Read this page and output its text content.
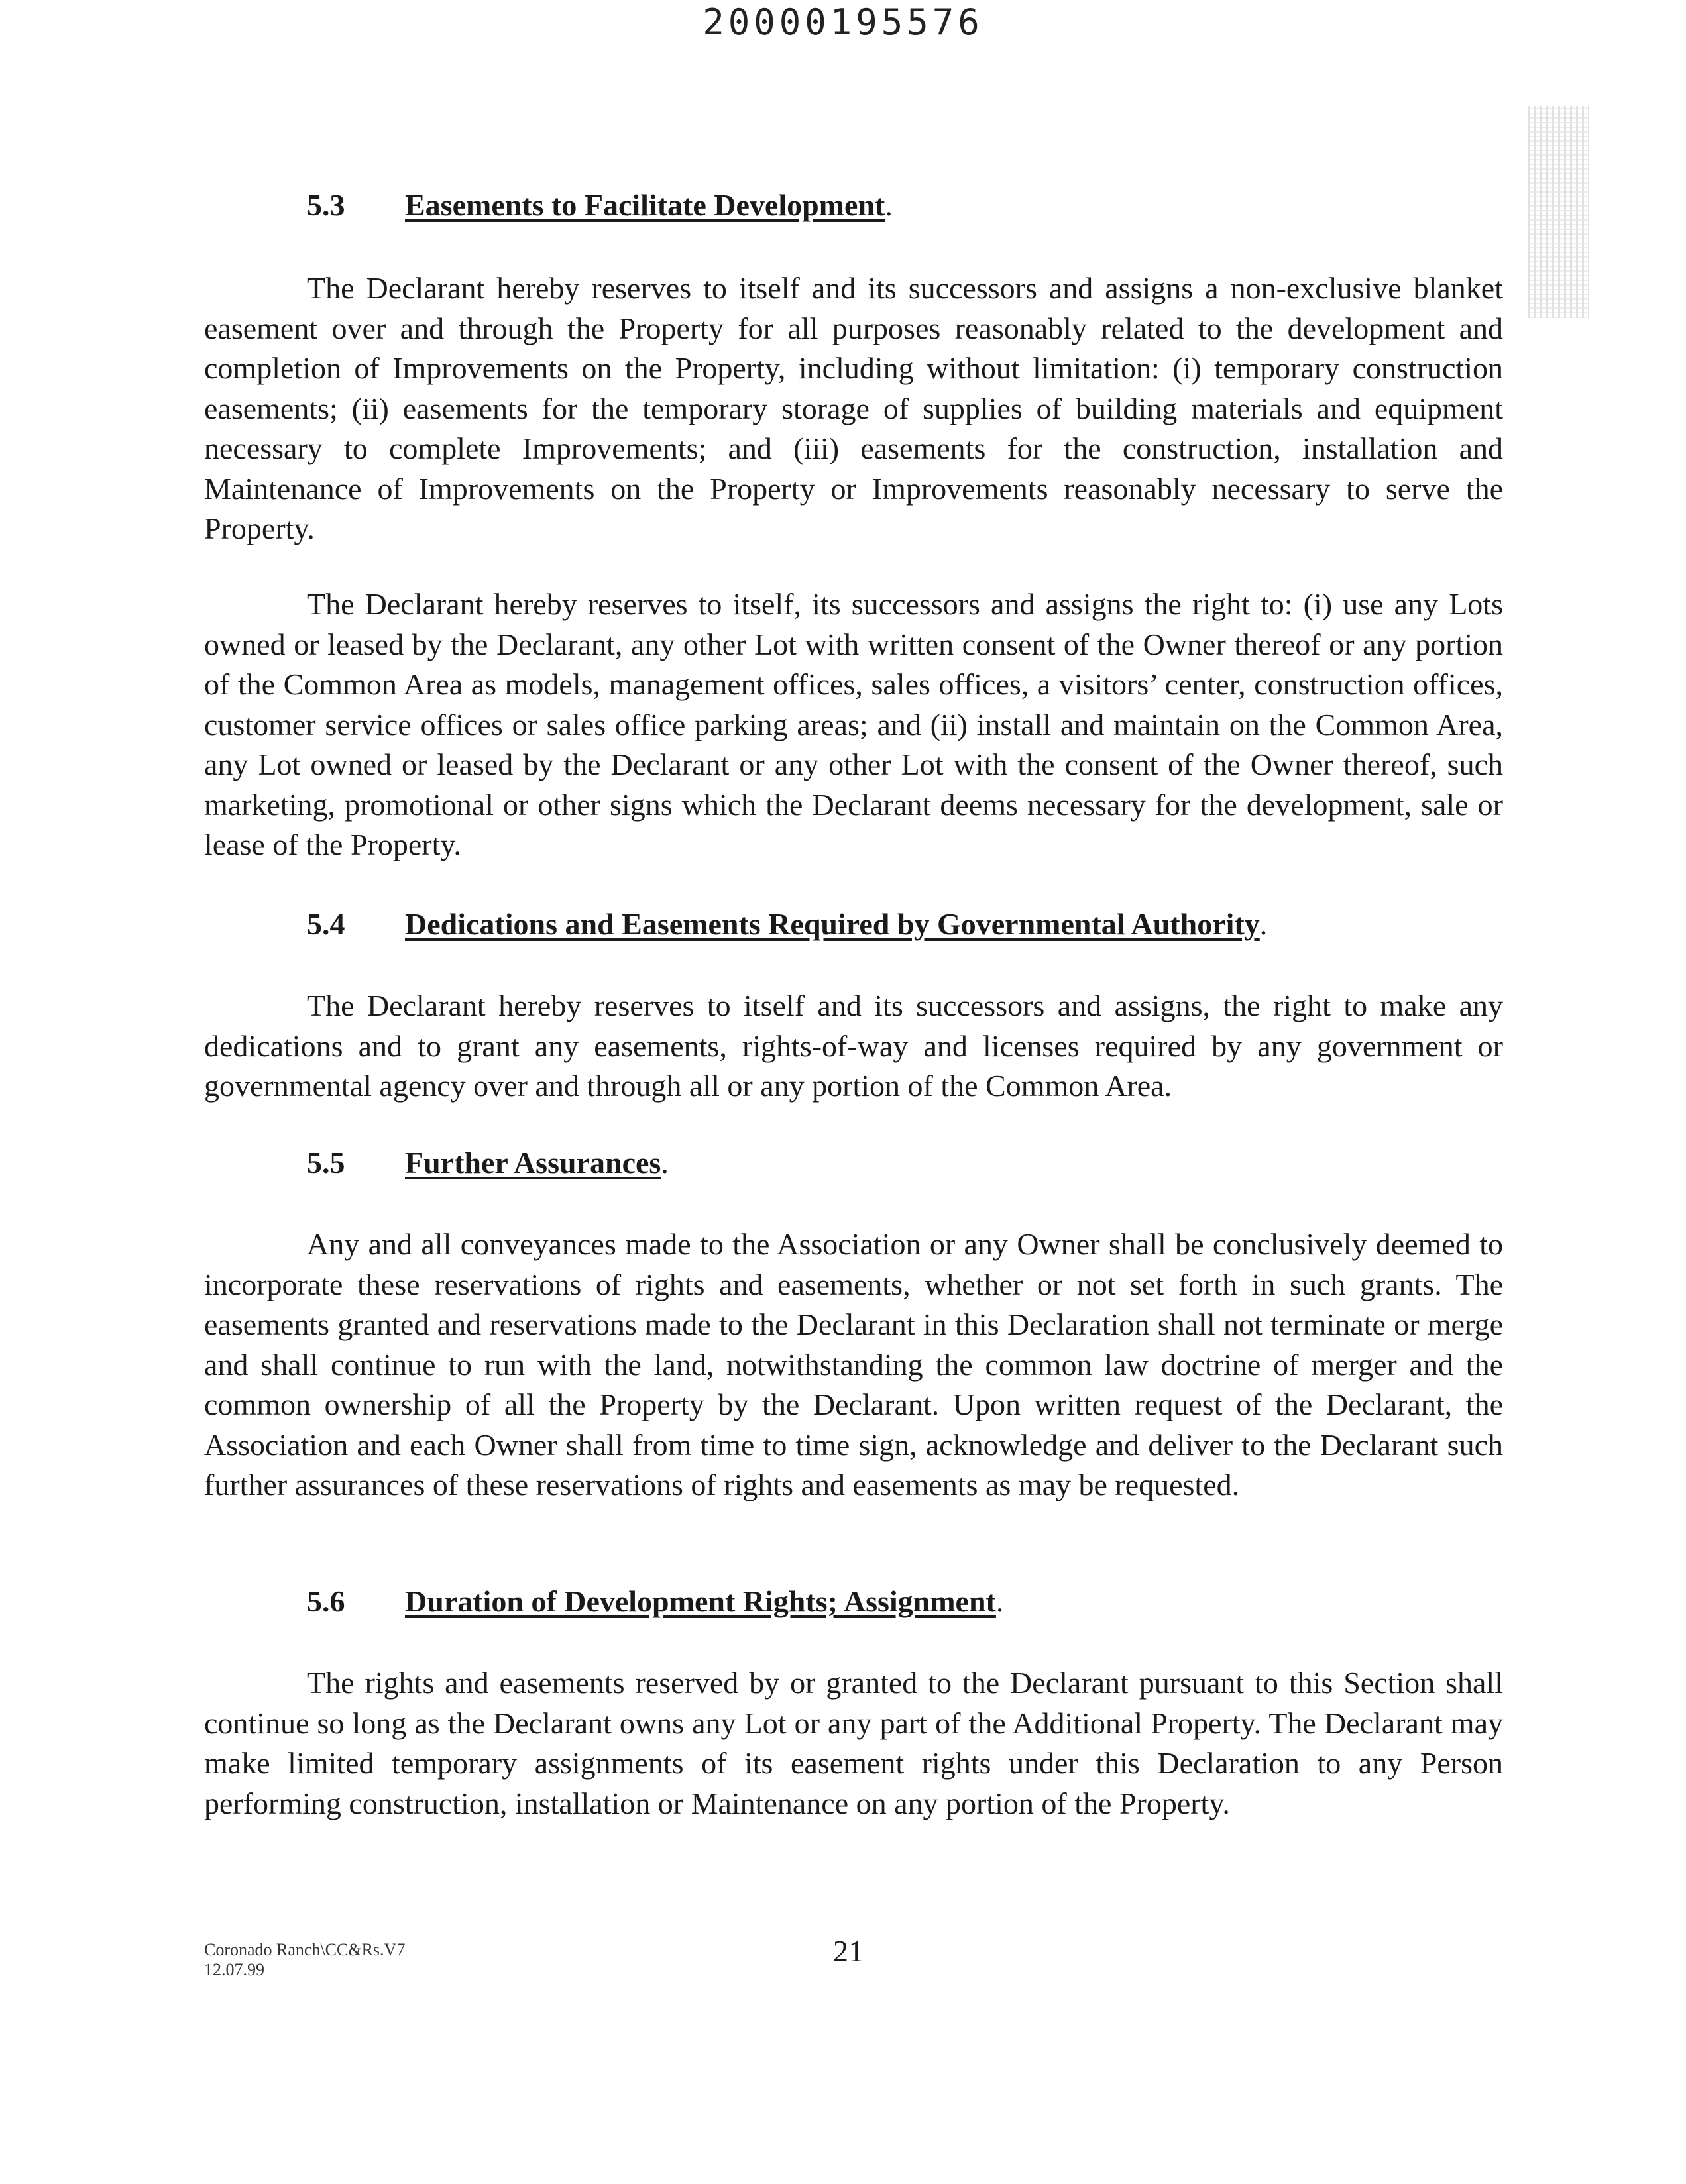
20000195576
5.3 Easements to Facilitate Development.

The Declarant hereby reserves to itself and its successors and assigns a non-exclusive blanket easement over and through the Property for all purposes reasonably related to the development and completion of Improvements on the Property, including without limitation: (i) temporary construction easements; (ii) easements for the temporary storage of supplies of building materials and equipment necessary to complete Improvements; and (iii) easements for the construction, installation and Maintenance of Improvements on the Property or Improvements reasonably necessary to serve the Property.

The Declarant hereby reserves to itself, its successors and assigns the right to: (i) use any Lots owned or leased by the Declarant, any other Lot with written consent of the Owner thereof or any portion of the Common Area as models, management offices, sales offices, a visitors’ center, construction offices, customer service offices or sales office parking areas; and (ii) install and maintain on the Common Area, any Lot owned or leased by the Declarant or any other Lot with the consent of the Owner thereof, such marketing, promotional or other signs which the Declarant deems necessary for the development, sale or lease of the Property.

5.4 Dedications and Easements Required by Governmental Authority.

The Declarant hereby reserves to itself and its successors and assigns, the right to make any dedications and to grant any easements, rights-of-way and licenses required by any government or governmental agency over and through all or any portion of the Common Area.

5.5 Further Assurances.

Any and all conveyances made to the Association or any Owner shall be conclusively deemed to incorporate these reservations of rights and easements, whether or not set forth in such grants. The easements granted and reservations made to the Declarant in this Declaration shall not terminate or merge and shall continue to run with the land, notwithstanding the common law doctrine of merger and the common ownership of all the Property by the Declarant. Upon written request of the Declarant, the Association and each Owner shall from time to time sign, acknowledge and deliver to the Declarant such further assurances of these reservations of rights and easements as may be requested.

5.6 Duration of Development Rights; Assignment.

The rights and easements reserved by or granted to the Declarant pursuant to this Section shall continue so long as the Declarant owns any Lot or any part of the Additional Property. The Declarant may make limited temporary assignments of its easement rights under this Declaration to any Person performing construction, installation or Maintenance on any portion of the Property.

Coronado Ranch\CC&Rs.V7
12.07.99
21
